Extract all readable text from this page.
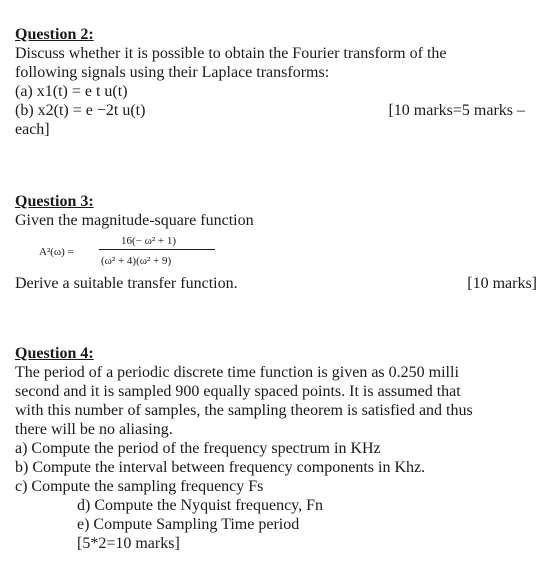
Question 2:
Discuss whether it is possible to obtain the Fourier transform of the
following signals using their Laplace transforms:
(a) x1(t) = e t u(t)
(b) x2(t) = e −2t u(t)	[10 marks=5 marks –
each]
Question 3:
Given the magnitude-square function
A²(ω) =
16(− ω² + 1)
(ω² + 4)(ω² + 9)
Derive a suitable transfer function.	[10 marks]
Question 4:
The period of a periodic discrete time function is given as 0.250 milli
second and it is sampled 900 equally spaced points. It is assumed that
with this number of samples, the sampling theorem is satisfied and thus
there will be no aliasing.
a) Compute the period of the frequency spectrum in KHz
b) Compute the interval between frequency components in Khz.
c) Compute the sampling frequency Fs
d) Compute the Nyquist frequency, Fn
e) Compute Sampling Time period
[5*2=10 marks]
